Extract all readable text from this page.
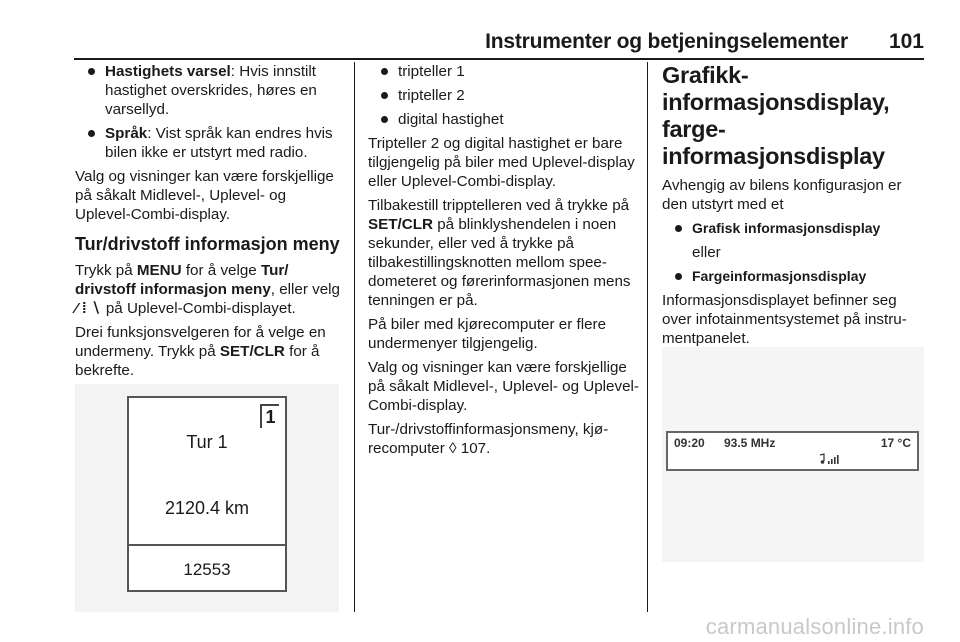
Instrumenter og betjeningselementer 101
Hastighets varsel: Hvis innstilt hastighet overskrides, høres en varsellyd.
Språk: Vist språk kan endres hvis bilen ikke er utstyrt med radio.

Valg og visninger kan være forskjellige på såkalt Midlevel-, Uplevel- og Uplevel-Combi-display.

Tur/drivstoff informasjon meny

Trykk på MENU for å velge Tur/ drivstoff informasjon meny, eller velg ⁄ ⁞ ∖ på Uplevel-Combi-displayet.

Drei funksjonsvelgeren for å velge en undermeny. Trykk på SET/CLR for å bekrefte.

1
Tur 1
2120.4 km
12553
tripteller 1
tripteller 2
digital hastighet

Tripteller 2 og digital hastighet er bare tilgjengelig på biler med Uplevel-display eller Uplevel-Combi-display.

Tilbakestill tripptelleren ved å trykke på SET/CLR på blinklyshendelen i noen sekunder, eller ved å trykke på tilbakestillingsknotten mellom speedometeret og førerinformasjonen mens tenningen er på.

På biler med kjørecomputer er flere undermenyer tilgjengelig.

Valg og visninger kan være forskjellige på såkalt Midlevel-, Uplevel- og Uplevel-Combi-display.

Tur-/drivstoffinformasjonsmeny, kjørecomputer ◊ 107.

Grafikk-informasjonsdisplay, farge-informasjonsdisplay

Avhengig av bilens konfigurasjon er den utstyrt med et

Grafisk informasjonsdisplay
eller
Fargeinformasjonsdisplay

Informasjonsdisplayet befinner seg over infotainmentsystemet på instrumentpanelet.

09:20 93.5 MHz	17 °C
carmanualsonline.info
